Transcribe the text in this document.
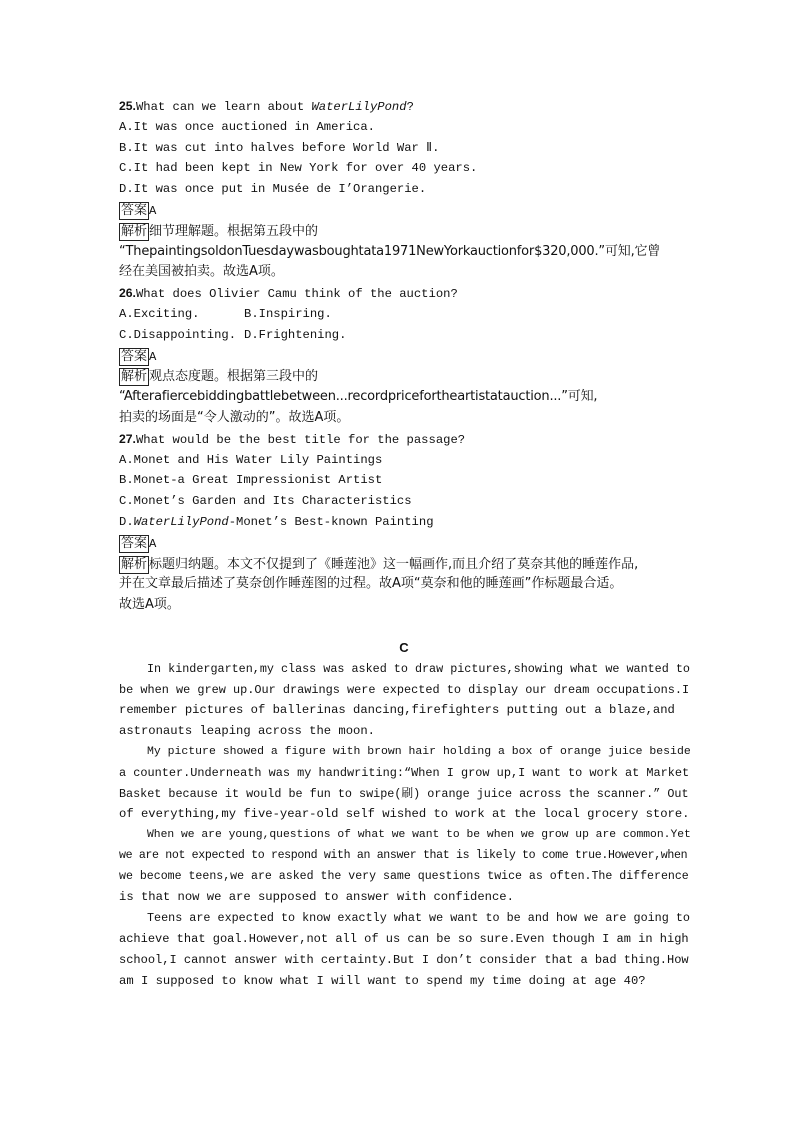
25.What can we learn about WaterLilyPond?
A.It was once auctioned in America.
B.It was cut into halves before World War Ⅱ.
C.It had been kept in New York for over 40 years.
D.It was once put in Musée de I’Orangerie.
答案 A
解析 细节理解题。根据第五段中的
“ThepaintingsoldonTuesdaywasboughtata1971NewYorkauctionfor$320,000.”可知,它曾
经在美国被拍卖。故选A项。
26.What does Olivier Camu think of the auction?
A.Exciting.	B.Inspiring.
C.Disappointing. D.Frightening.
答案 A
解析 观点态度题。根据第三段中的
“Afterafiercebiddingbattlebetween...recordpricefortheartistatauction...”可知,
拍卖的场面是“令人激动的”。故选A项。
27.What would be the best title for the passage?
A.Monet and His Water Lily Paintings
B.Monet-a Great Impressionist Artist
C.Monet’s Garden and Its Characteristics
D.WaterLilyPond-Monet’s Best-known Painting
答案 A
解析 标题归纳题。本文不仅提到了《睡莲池》这一幅画作,而且介绍了莫奈其他的睡莲作品,
并在文章最后描述了莫奈创作睡莲图的过程。故A项“莫奈和他的睡莲画”作标题最合适。
故选A项。
C
In kindergarten,my class was asked to draw pictures,showing what we wanted to
be when we grew up.Our drawings were expected to display our dream occupations.I
remember pictures of ballerinas dancing,firefighters putting out a blaze,and
astronauts leaping across the moon.
My picture showed a figure with brown hair holding a box of orange juice beside
a counter.Underneath was my handwriting:“When I grow up,I want to work at Market
Basket because it would be fun to swipe(刷) orange juice across the scanner.” Out
of everything,my five-year-old self wished to work at the local grocery store.
When we are young,questions of what we want to be when we grow up are common.Yet
we are not expected to respond with an answer that is likely to come true.However,when
we become teens,we are asked the very same questions twice as often.The difference
is that now we are supposed to answer with confidence.
Teens are expected to know exactly what we want to be and how we are going to
achieve that goal.However,not all of us can be so sure.Even though I am in high
school,I cannot answer with certainty.But I don’t consider that a bad thing.How
am I supposed to know what I will want to spend my time doing at age 40?
